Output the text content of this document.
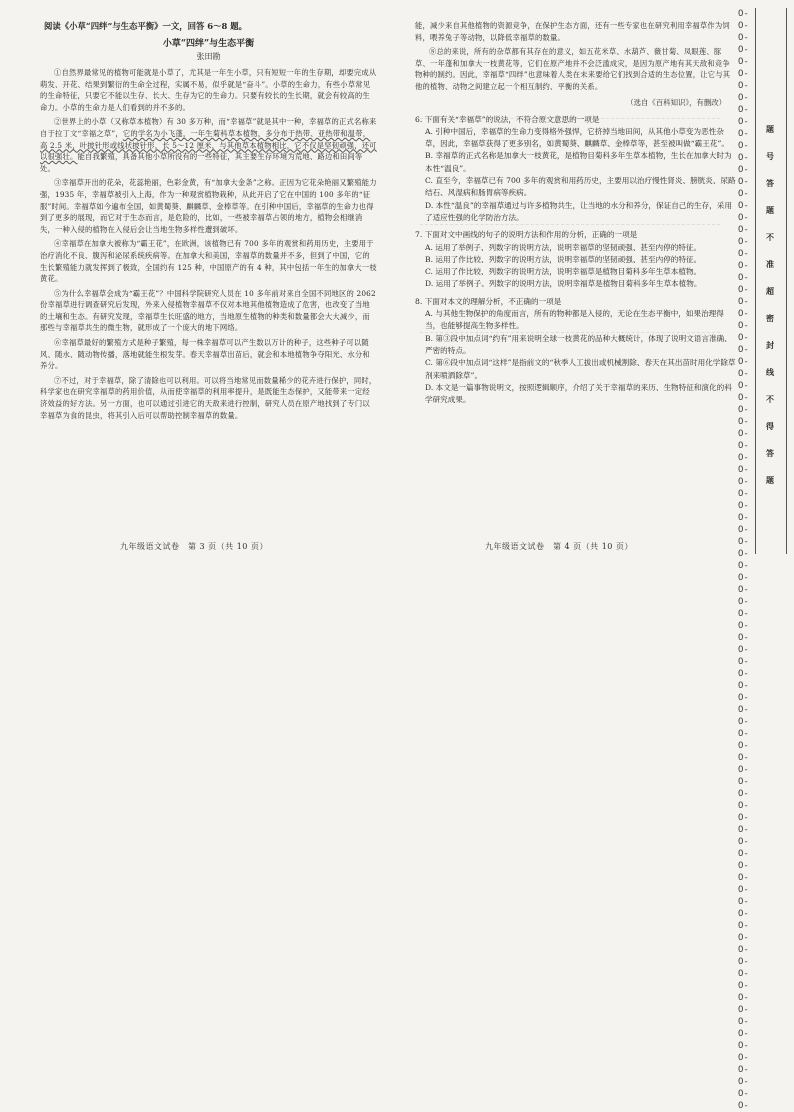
阅读《小草“四绊”与生态平衡》一文，回答 6～8 题。

小草“四绊”与生态平衡

张田勘

①自然界最常见的植物可能就是小草了，尤其是一年生小草，只有短短一年的生存期，却要完成从萌发、开花、结果到繁衍的生命全过程，实属不易，似乎就是“奋斗”。小草的生命力，有些小草常见的生命特征，只要它不能以生存、长大、生存为它的生命力。只要有较长的生长期，就会有较高的生命力。小草的生命力是人们看到的并不多的。

②世界上的小草（又称草本植物）有 30 多万种，而“幸福草”就是其中一种，幸福草的正式名称来自于拉丁文“幸福之草”，它的学名为小飞蓬，一年生菊科草本植物，多分布于热带、亚热带和温带，高 2.5 米，叶披针形或线状披针形，长 5～12 厘米，与其他草本植物相比，它不仅是坚韧顽强，还可以很强壮。能自我繁殖，具备其他小草所没有的一些特征，其主要生存环境为荒地、路边和田间等处。

③幸福草开出的花朵，花蕊艳丽，色彩金黄，有“加拿大金条”之称。正因为它花朵艳丽又繁殖能力强，1935 年，幸福草被引入上海，作为一种观赏植物栽种，从此开启了它在中国的 100 多年的“征服”时间。幸福草如今遍布全国，如黄蜀葵、麒麟草、金棒草等。在引种中国后，幸福草的生命力也得到了更多的展现，而它对于生态而言，是危险的，比如，一些被幸福草占领的地方，植物会相继消失，一种入侵的植物在入侵后会让当地生物多样性遭到破坏。

④幸福草在加拿大被称为“霸王花”，在欧洲，该植物已有 700 多年的观赏和药用历史，主要用于治疗消化不良、腹泻和泌尿系统疾病等。在加拿大和美国，幸福草的数量并不多，但到了中国，它的生长繁殖能力就发挥到了极致，全国约有 125 种，中国原产的有 4 种，其中包括一年生的加拿大一枝黄花。

⑤为什么幸福草会成为“霸王花”？中国科学院研究人员在 10 多年前对来自全国不同地区的 2062 份幸福草进行调查研究后发现，外来入侵植物幸福草不仅对本地其他植物造成了危害，也改变了当地的土壤和生态。有研究发现，幸福草生长旺盛的地方，当地原生植物的种类和数量都会大大减少，而那些与幸福草共生的微生物，就形成了一个庞大的地下网络。

⑥幸福草最好的繁殖方式是种子繁殖，每一株幸福草可以产生数以万计的种子，这些种子可以随风、随水、随动物传播，落地就能生根发芽。春天幸福草出苗后，就会和本地植物争夺阳光、水分和养分。

⑦不过，对于幸福草，除了清除也可以利用。可以将当地常见而数量稀少的花卉进行保护，同时，科学家也在研究幸福草的药用价值，从而使幸福草的利用率提升，是既能生态保护，又能带来一定经济效益的好方法。另一方面，也可以通过引进它的天敌来进行控制，研究人员在原产地找到了专门以幸福草为食的昆虫，将其引入后可以帮助控制幸福草的数量。

能，减少来自其他植物的资源竞争，在保护生态方面，还有一些专家也在研究利用幸福草作为饲料，喂养兔子等动物，以降低幸福草的数量。

⑧总的来说，所有的杂草都有其存在的意义，如五花米草、水葫芦、薇甘菊、凤眼莲、豚草、一年蓬和加拿大一枝黄花等，它们在原产地并不会泛滥成灾，是因为原产地有其天敌和竞争物种的制约。因此，幸福草“四绊”也意味着人类在未来要给它们找到合适的生态位置，让它与其他的植物、动物之间建立起一个相互制约、平衡的关系。

（选自《百科知识》，有删改）

6. 下面有关“幸福草”的说法，不符合原文意思的一项是

A. 引种中国后，幸福草的生命力变得格外强悍，它挤掉当地田间，从其他小草变为恶性杂草，因此，幸福草获得了更多别名，如黄蜀葵、麒麟草、金棒草等，甚至被叫做“霸王花”。

B. 幸福草的正式名称是加拿大一枝黄花，是植物目菊科多年生草本植物，生长在加拿大时为本性“温良”。

C. 直至今，幸福草已有 700 多年的观赏和用药历史，主要用以治疗慢性肾炎、膀胱炎、尿路结石、风湿病和肠胃病等疾病。

D. 本性“温良”的幸福草通过与许多植物共生，让当地的水分和养分，保证自己的生存，采用了适应性强的化学防治方法。

7. 下面对文中画线的句子的说明方法和作用的分析，正确的一项是

A. 运用了举例子、列数字的说明方法，说明幸福草的坚韧顽强、甚至内停的特征。

B. 运用了作比较、列数字的说明方法，说明幸福草的坚韧顽强、甚至内停的特征。

C. 运用了作比较、列数字的说明方法，说明幸福草是植物目菊科多年生草本植物。

D. 运用了举例子、列数字的说明方法，说明幸福草是植物目菊科多年生草本植物。

8. 下面对本文的理解分析，不正确的一项是

A. 与其他生物保护的角度而言，所有的物种都是入侵的，无论在生态平衡中，如果治理得当，也能够提高生物多样性。

B. 第③段中加点词“约有”用来说明全球一枝黄花的品种大概统计，体现了说明文语言准确、严密的特点。

C. 第⑥段中加点词“这样”是指前文的“秋季人工拔出或机械割除、春天在其出苗时用化学除草剂来喷洒除草”。

D. 本文是一篇事物说明文，按照逻辑顺序，介绍了关于幸福草的来历、生物特征和演化的科学研究成果。

九年级语文试卷　第 3 页（共 10 页）	九年级语文试卷　第 4 页（共 10 页）
O-O-O-O-O-O-O-O-O-O-O-O-O-O-O-O-O-O-O-O-O-O-O-O-O-O-O-O-O-O-O-O-O-O-O-O-O-O-O-O-O-O-O-O-O-O-O-O-O-O-O-O-O-O-O-O-O-O-O-O-O-O-O-O-O-O-O-O-O-O-O-O-O-O-O-O-O-O-O-O-O-O-O-O-O-O-O-O-O-O-O-O-
题
号
答
题
不
准
超
密
封
线
不
得
答
题
